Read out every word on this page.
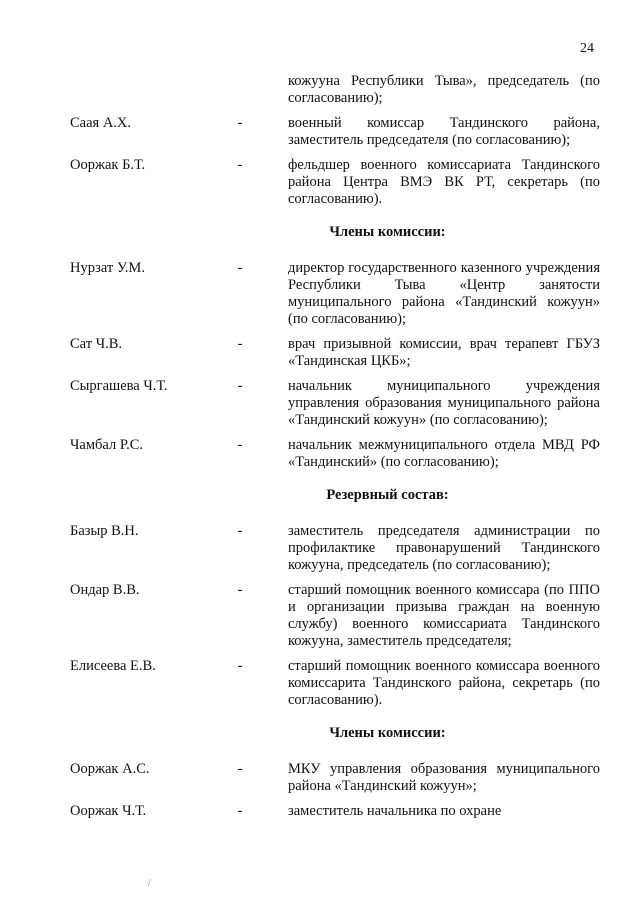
24
кожууна Республики Тыва», председатель (по согласованию);
Саая А.Х.	-	военный комиссар Тандинского района, заместитель председателя (по согласованию);
Ооржак Б.Т.	-	фельдшер военного комиссариата Тандинского района Центра ВМЭ ВК РТ, секретарь (по согласованию).
Члены комиссии:
Нурзат У.М.	-	директор государственного казенного учреждения Республики Тыва «Центр занятости муниципального района «Тандинский кожуун» (по согласованию);
Сат Ч.В.	-	врач призывной комиссии, врач терапевт ГБУЗ «Тандинская ЦКБ»;
Сыргашева Ч.Т.	-	начальник муниципального учреждения управления образования муниципального района «Тандинский кожуун» (по согласованию);
Чамбал Р.С.	-	начальник межмуниципального отдела МВД РФ «Тандинский» (по согласованию);
Резервный состав:
Базыр В.Н.	-	заместитель председателя администрации по профилактике правонарушений Тандинского кожууна, председатель (по согласованию);
Ондар В.В.	-	старший помощник военного комиссара (по ППО и организации призыва граждан на военную службу) военного комиссариата Тандинского кожууна, заместитель председателя;
Елисеева Е.В.	-	старший помощник военного комиссара военного комиссарита Тандинского района, секретарь (по согласованию).
Члены комиссии:
Ооржак А.С.	-	МКУ управления образования муниципального района «Тандинский кожуун»;
Ооржак Ч.Т.	-	заместитель начальника по охране
/
